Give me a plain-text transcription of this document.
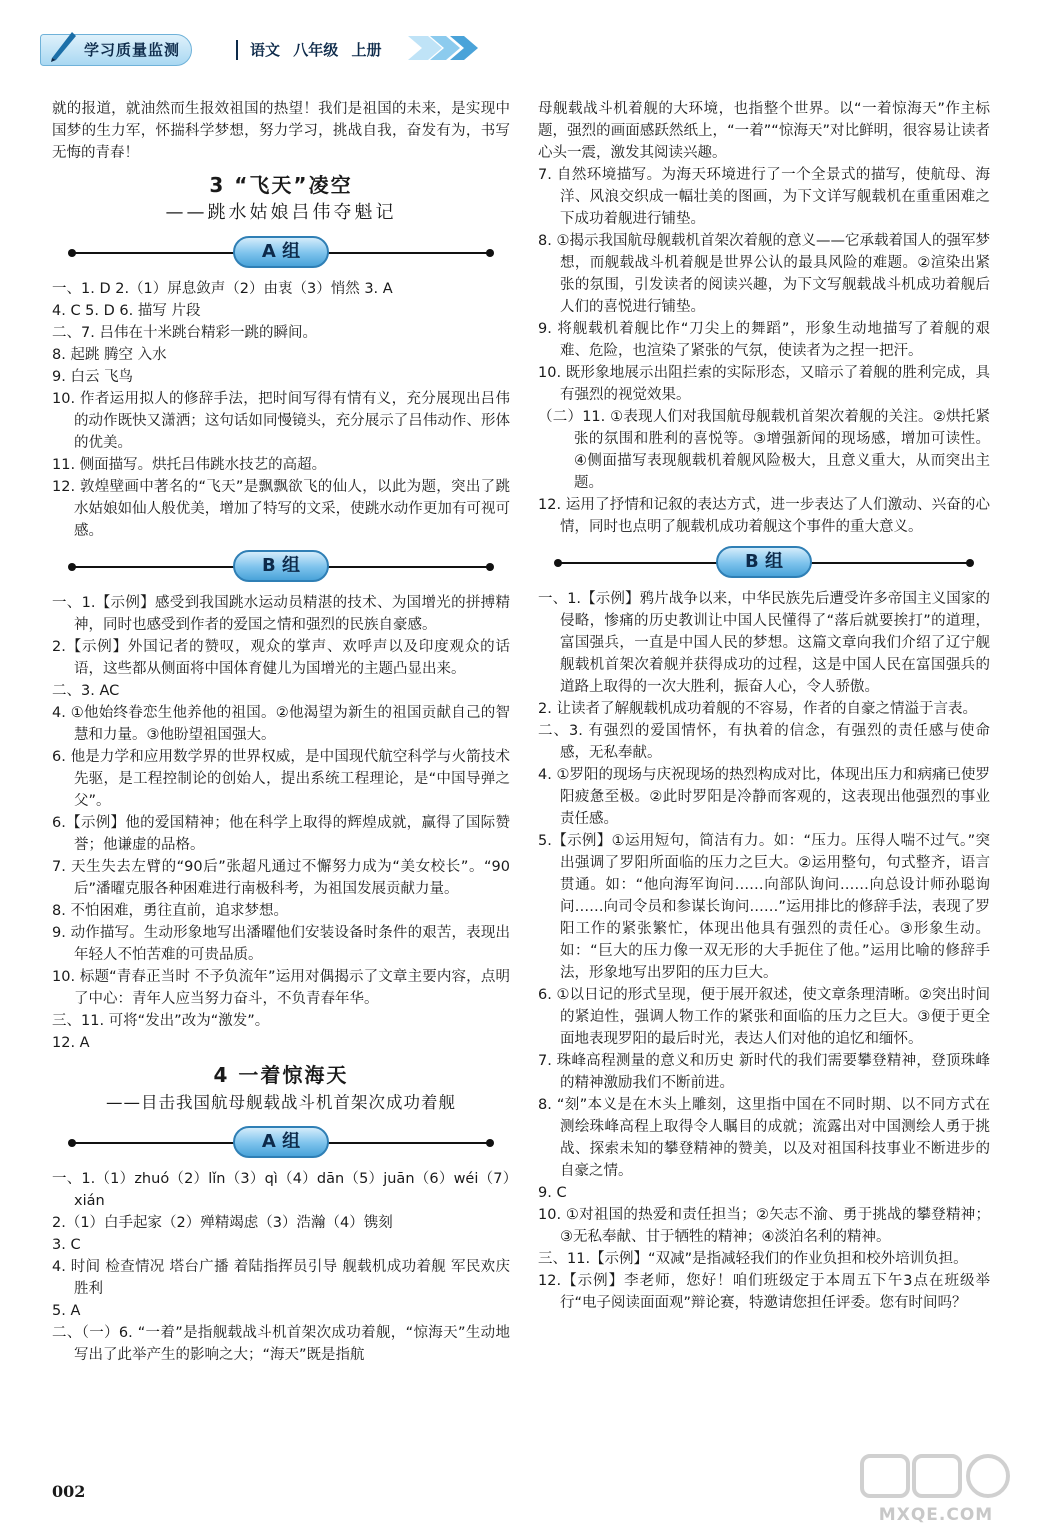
学习质量监测	语文 八年级 上册

就的报道，就油然而生报效祖国的热望！我们是祖国的未来，是实现中国梦的生力军，怀揣科学梦想，努力学习，挑战自我，奋发有为，书写无悔的青春！

3 “飞天”凌空
——跳水姑娘吕伟夺魁记
A 组

一、1. D 2.（1）屏息敛声（2）由衷（3）悄然 3. A

4. C 5. D 6. 描写 片段

二、7. 吕伟在十米跳台精彩一跳的瞬间。

8. 起跳 腾空 入水

9. 白云 飞鸟

10. 作者运用拟人的修辞手法，把时间写得有情有义，充分展现出吕伟的动作既快又潇洒；这句话如同慢镜头，充分展示了吕伟动作、形体的优美。

11. 侧面描写。烘托吕伟跳水技艺的高超。

12. 敦煌壁画中著名的“飞天”是飘飘欲飞的仙人，以此为题，突出了跳水姑娘如仙人般优美，增加了特写的文采，使跳水动作更加有可视可感。

B 组

一、1.【示例】感受到我国跳水运动员精湛的技术、为国增光的拼搏精神，同时也感受到作者的爱国之情和强烈的民族自豪感。

2.【示例】外国记者的赞叹，观众的掌声、欢呼声以及印度观众的话语，这些都从侧面将中国体育健儿为国增光的主题凸显出来。

二、3. AC

4. ①他始终眷恋生他养他的祖国。②他渴望为新生的祖国贡献自己的智慧和力量。③他盼望祖国强大。

6. 他是力学和应用数学界的世界权威，是中国现代航空科学与火箭技术先驱，是工程控制论的创始人，提出系统工程理论，是“中国导弹之父”。

6.【示例】他的爱国精神；他在科学上取得的辉煌成就，赢得了国际赞誉；他谦虚的品格。

7. 天生失去左臂的“90后”张超凡通过不懈努力成为“美女校长”。“90后”潘曜克服各种困难进行南极科考，为祖国发展贡献力量。

8. 不怕困难，勇往直前，追求梦想。

9. 动作描写。生动形象地写出潘曜他们安装设备时条件的艰苦，表现出年轻人不怕苦难的可贵品质。

10. 标题“青春正当时 不予负流年”运用对偶揭示了文章主要内容，点明了中心：青年人应当努力奋斗，不负青春年华。

三、11. 可将“发出”改为“激发”。

12. A

4 一着惊海天
——目击我国航母舰载战斗机首架次成功着舰
A 组

一、1.（1）zhuó（2）lǐn（3）qì（4）dān（5）juān（6）wéi（7）xián

2.（1）白手起家（2）殚精竭虑（3）浩瀚（4）镌刻

3. C

4. 时间 检查情况 塔台广播 着陆指挥员引导 舰载机成功着舰 军民欢庆胜利

5. A

二、（一）6. “一着”是指舰载战斗机首架次成功着舰，“惊海天”生动地写出了此举产生的影响之大；“海天”既是指航

母舰载战斗机着舰的大环境，也指整个世界。以“一着惊海天”作主标题，强烈的画面感跃然纸上，“一着”“惊海天”对比鲜明，很容易让读者心头一震，激发其阅读兴趣。

7. 自然环境描写。为海天环境进行了一个全景式的描写，使航母、海洋、风浪交织成一幅壮美的图画，为下文详写舰载机在重重困难之下成功着舰进行铺垫。

8. ①揭示我国航母舰载机首架次着舰的意义——它承载着国人的强军梦想，而舰载战斗机着舰是世界公认的最具风险的难题。②渲染出紧张的氛围，引发读者的阅读兴趣，为下文写舰载战斗机成功着舰后人们的喜悦进行铺垫。

9. 将舰载机着舰比作“刀尖上的舞蹈”，形象生动地描写了着舰的艰难、危险，也渲染了紧张的气氛，使读者为之捏一把汗。

10. 既形象地展示出阻拦索的实际形态，又暗示了着舰的胜利完成，具有强烈的视觉效果。

（二）11. ①表现人们对我国航母舰载机首架次着舰的关注。②烘托紧张的氛围和胜利的喜悦等。③增强新闻的现场感，增加可读性。④侧面描写表现舰载机着舰风险极大，且意义重大，从而突出主题。

12. 运用了抒情和记叙的表达方式，进一步表达了人们激动、兴奋的心情，同时也点明了舰载机成功着舰这个事件的重大意义。

B 组

一、1.【示例】鸦片战争以来，中华民族先后遭受许多帝国主义国家的侵略，惨痛的历史教训让中国人民懂得了“落后就要挨打”的道理，富国强兵，一直是中国人民的梦想。这篇文章向我们介绍了辽宁舰舰载机首架次着舰并获得成功的过程，这是中国人民在富国强兵的道路上取得的一次大胜利，振奋人心，令人骄傲。

2. 让读者了解舰载机成功着舰的不容易，作者的自豪之情溢于言表。

二、3. 有强烈的爱国情怀，有执着的信念，有强烈的责任感与使命感，无私奉献。

4. ①罗阳的现场与庆祝现场的热烈构成对比，体现出压力和病痛已使罗阳疲惫至极。②此时罗阳是冷静而客观的，这表现出他强烈的事业责任感。

5.【示例】①运用短句，简洁有力。如：“压力。压得人喘不过气。”突出强调了罗阳所面临的压力之巨大。②运用整句，句式整齐，语言贯通。如：“他向海军询问……向部队询问……向总设计师孙聪询问……向司令员和参谋长询问……”运用排比的修辞手法，表现了罗阳工作的紧张繁忙，体现出他具有强烈的责任心。③形象生动。如：“巨大的压力像一双无形的大手扼住了他。”运用比喻的修辞手法，形象地写出罗阳的压力巨大。

6. ①以日记的形式呈现，便于展开叙述，使文章条理清晰。②突出时间的紧迫性，强调人物工作的紧张和面临的压力之巨大。③便于更全面地表现罗阳的最后时光，表达人们对他的追忆和缅怀。

7. 珠峰高程测量的意义和历史 新时代的我们需要攀登精神，登顶珠峰的精神激励我们不断前进。

8. “刻”本义是在木头上雕刻，这里指中国在不同时期、以不同方式在测绘珠峰高程上取得令人瞩目的成就；流露出对中国测绘人勇于挑战、探索未知的攀登精神的赞美，以及对祖国科技事业不断进步的自豪之情。

9. C

10. ①对祖国的热爱和责任担当；②矢志不渝、勇于挑战的攀登精神；③无私奉献、甘于牺牲的精神；④淡泊名利的精神。

三、11.【示例】“双减”是指减轻我们的作业负担和校外培训负担。

12.【示例】李老师，您好！咱们班级定于本周五下午3点在班级举行“电子阅读面面观”辩论赛，特邀请您担任评委。您有时间吗？

002
MXQE.COM
